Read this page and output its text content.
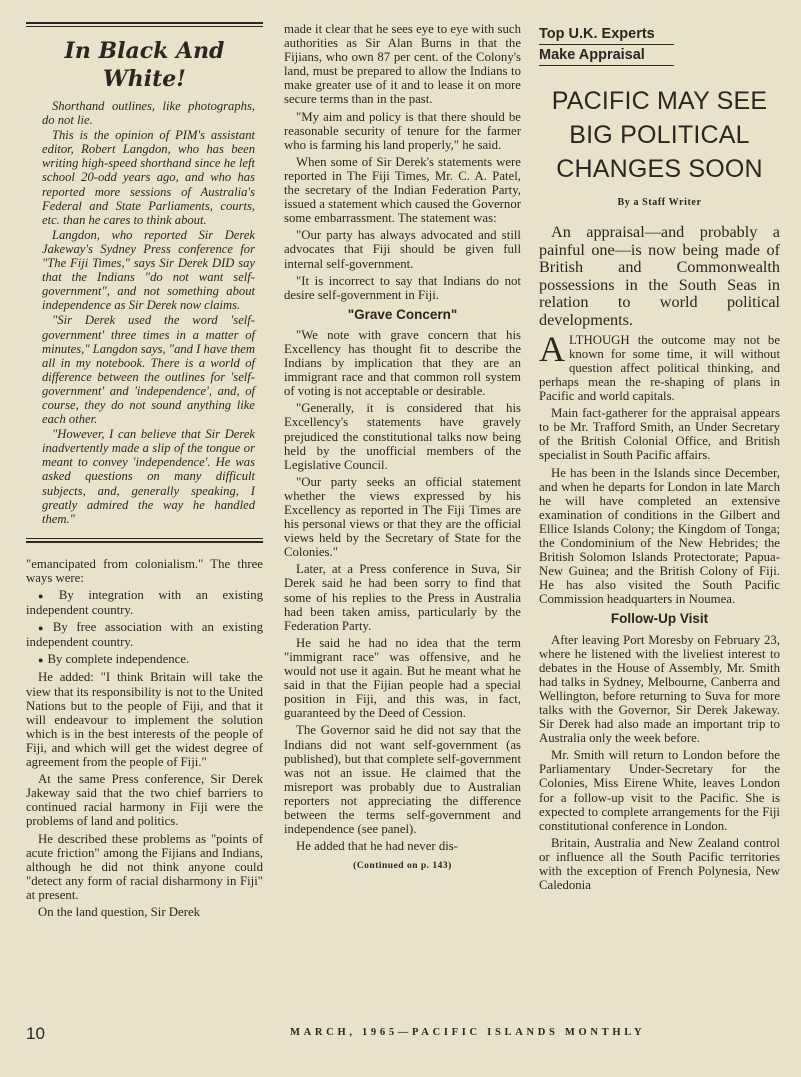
In Black And
White!

Shorthand outlines, like photographs, do not lie.

This is the opinion of PIM's assistant editor, Robert Langdon, who has been writing high-speed shorthand since he left school 20-odd years ago, and who has reported more sessions of Australia's Federal and State Parliaments, courts, etc. than he cares to think about.

Langdon, who reported Sir Derek Jakeway's Sydney Press conference for "The Fiji Times," says Sir Derek DID say that the Indians "do not want self-government", and not something about independence as Sir Derek now claims.

"Sir Derek used the word 'self-government' three times in a matter of minutes," Langdon says, "and I have them all in my notebook. There is a world of difference between the outlines for 'self-government' and 'independence', and, of course, they do not sound anything like each other.

"However, I can believe that Sir Derek inadvertently made a slip of the tongue or meant to convey 'independence'. He was asked questions on many difficult subjects, and, generally speaking, I greatly admired the way he handled them."

"emancipated from colonialism." The three ways were:

● By integration with an existing independent country.

● By free association with an existing independent country.

● By complete independence.

He added: "I think Britain will take the view that its responsibility is not to the United Nations but to the people of Fiji, and that it will endeavour to implement the solution which is in the best interests of the people of Fiji, and which will get the widest degree of agreement from the people of Fiji."

At the same Press conference, Sir Derek Jakeway said that the two chief barriers to continued racial harmony in Fiji were the problems of land and politics.

He described these problems as "points of acute friction" among the Fijians and Indians, although he did not think anyone could "detect any form of racial disharmony in Fiji" at present.

On the land question, Sir Derek

made it clear that he sees eye to eye with such authorities as Sir Alan Burns in that the Fijians, who own 87 per cent. of the Colony's land, must be prepared to allow the Indians to make greater use of it and to lease it on more secure terms than in the past.

"My aim and policy is that there should be reasonable security of tenure for the farmer who is farming his land properly," he said.

When some of Sir Derek's statements were reported in The Fiji Times, Mr. C. A. Patel, the secretary of the Indian Federation Party, issued a statement which caused the Governor some embarrassment. The statement was:

"Our party has always advocated and still advocates that Fiji should be given full internal self-government.

"It is incorrect to say that Indians do not desire self-government in Fiji.

"Grave Concern"

"We note with grave concern that his Excellency has thought fit to describe the Indians by implication that they are an immigrant race and that common roll system of voting is not acceptable or desirable.

"Generally, it is considered that his Excellency's statements have gravely prejudiced the constitutional talks now being held by the unofficial members of the Legislative Council.

"Our party seeks an official statement whether the views expressed by his Excellency as reported in The Fiji Times are his personal views or that they are the official views held by the Secretary of State for the Colonies."

Later, at a Press conference in Suva, Sir Derek said he had been sorry to find that some of his replies to the Press in Australia had been taken amiss, particularly by the Federation Party.

He said he had no idea that the term "immigrant race" was offensive, and he would not use it again. But he meant what he said in that the Fijian people had a special position in Fiji, and this was, in fact, guaranteed by the Deed of Cession.

The Governor said he did not say that the Indians did not want self-government (as published), but that complete self-government was not an issue. He claimed that the misreport was probably due to Australian reporters not appreciating the difference between the terms self-government and independence (see panel).

He added that he had never dis-

(Continued on p. 143)
Top U.K. Experts
Make Appraisal
PACIFIC MAY SEE
BIG POLITICAL
CHANGES SOON
By a Staff Writer

An appraisal—and probably a painful one—is now being made of British and Commonwealth possessions in the South Seas in relation to world political developments.

ALTHOUGH the outcome may not be known for some time, it will without question affect political thinking, and perhaps mean the re-shaping of plans in Pacific and world capitals.

Main fact-gatherer for the appraisal appears to be Mr. Trafford Smith, an Under Secretary of the British Colonial Office, and British specialist in South Pacific affairs.

He has been in the Islands since December, and when he departs for London in late March he will have completed an extensive examination of conditions in the Gilbert and Ellice Islands Colony; the Kingdom of Tonga; the Condominium of the New Hebrides; the British Solomon Islands Protectorate; Papua-New Guinea; and the British Colony of Fiji. He has also visited the South Pacific Commission headquarters in Noumea.

Follow-Up Visit

After leaving Port Moresby on February 23, where he listened with the liveliest interest to debates in the House of Assembly, Mr. Smith had talks in Sydney, Melbourne, Canberra and Wellington, before returning to Suva for more talks with the Governor, Sir Derek Jakeway. Sir Derek had also made an important trip to Australia only the week before.

Mr. Smith will return to London before the Parliamentary Under-Secretary for the Colonies, Miss Eirene White, leaves London for a follow-up visit to the Pacific. She is expected to complete arrangements for the Fiji constitutional conference in London.

Britain, Australia and New Zealand control or influence all the South Pacific territories with the exception of French Polynesia, New Caledonia

10	MARCH, 1965—PACIFIC ISLANDS MONTHLY
